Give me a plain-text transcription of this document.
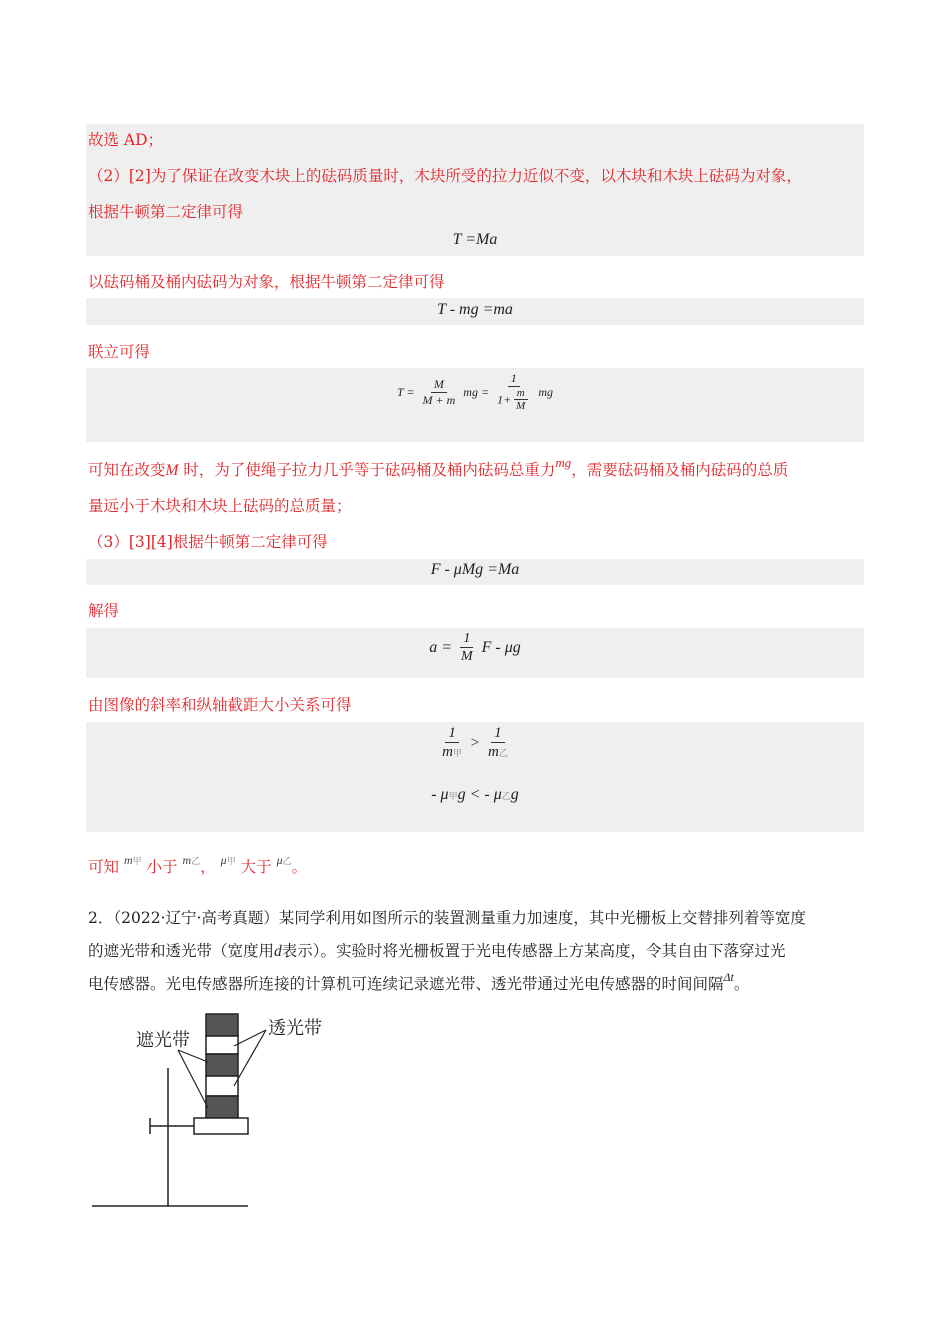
故选 AD；
（2）[2]为了保证在改变木块上的砝码质量时，木块所受的拉力近似不变，以木块和木块上砝码为对象，
根据牛顿第二定律可得
T =Ma
以砝码桶及桶内砝码为对象，根据牛顿第二定律可得
T - mg =ma
联立可得
$T = \frac{M}{M + m}$ mg = $\frac{1}{1+ \frac{m}{M}}$ mg
可知在改变M 时，为了使绳子拉力几乎等于砝码桶及桶内砝码总重力$^{mg}$，需要砝码桶及桶内砝码的总质
量远小于木块和木块上砝码的总质量；
（3）[3][4]根据牛顿第二定律可得
F - μMg =Ma
解得
$a = \frac{1}{M}$ F - μg
由图像的斜率和纵轴截距大小关系可得
$\frac{1}{\text{m甲}} > \frac{1}{\text{m乙}}$
- μ甲g < - μ乙g
可知 $^{m甲}$ 小于 $^{m乙}$， $^{\mu 甲}$ 大于 $^{\mu 乙}$。
2．（2022·辽宁·高考真题）某同学利用如图所示的装置测量重力加速度，其中光栅板上交替排列着等宽度
的遮光带和透光带（宽度用d表示）。实验时将光栅板置于光电传感器上方某高度，令其自由下落穿过光
电传感器。光电传感器所连接的计算机可连续记录遮光带、透光带通过光电传感器的时间间隔$^{\Delta t}$。
遮光带
透光带
